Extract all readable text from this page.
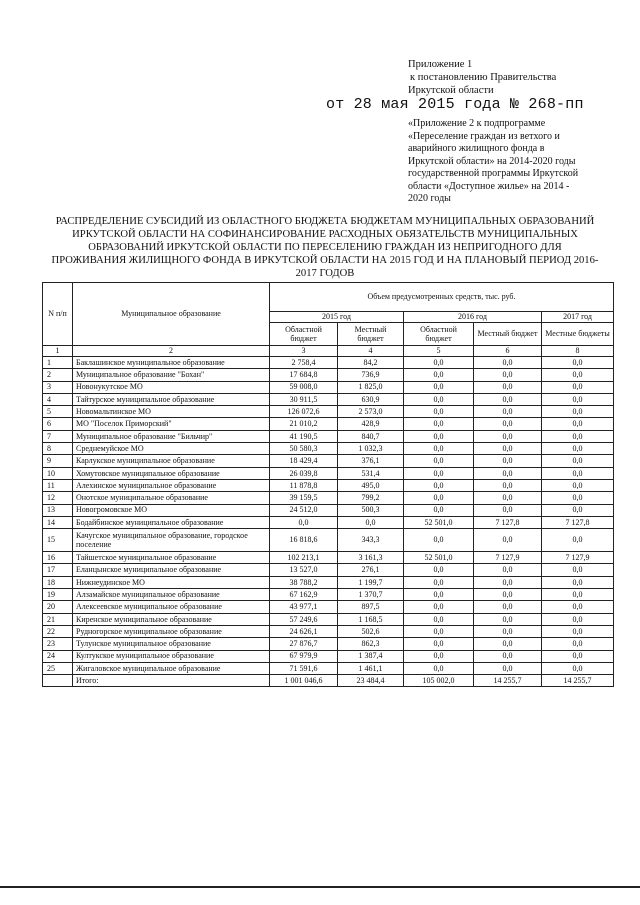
Приложение 1
к постановлению Правительства
Иркутской области
от 28 мая 2015 года № 268-пп
«Приложение 2 к подпрограмме «Переселение граждан из ветхого и аварийного жилищного фонда в Иркутской области» на 2014-2020 годы государственной программы Иркутской области «Доступное жилье» на 2014 - 2020 годы
РАСПРЕДЕЛЕНИЕ СУБСИДИЙ ИЗ ОБЛАСТНОГО БЮДЖЕТА БЮДЖЕТАМ МУНИЦИПАЛЬНЫХ ОБРАЗОВАНИЙ ИРКУТСКОЙ ОБЛАСТИ НА СОФИНАНСИРОВАНИЕ РАСХОДНЫХ ОБЯЗАТЕЛЬСТВ МУНИЦИПАЛЬНЫХ ОБРАЗОВАНИЙ ИРКУТСКОЙ ОБЛАСТИ ПО ПЕРЕСЕЛЕНИЮ ГРАЖДАН ИЗ НЕПРИГОДНОГО ДЛЯ ПРОЖИВАНИЯ ЖИЛИЩНОГО ФОНДА В ИРКУТСКОЙ ОБЛАСТИ НА 2015 ГОД И НА ПЛАНОВЫЙ ПЕРИОД 2016-2017 ГОДОВ
N п/п	Муниципальное образование	Объем предусмотренных средств, тыс. руб.				
		2015 год		2016 год		2017 год
		Областной бюджет	Местный бюджет	Областной бюджет	Местный бюджет	Местные бюджеты
1	2	3	4	5	6	8
1	Баклашинское муниципальное образование	2 758,4	84,2	0,0	0,0	0,0
2	Муниципальное образование "Бохан"	17 684,8	736,9	0,0	0,0	0,0
3	Новонукутское МО	59 008,0	1 825,0	0,0	0,0	0,0
4	Тайтурское муниципальное образование	30 911,5	630,9	0,0	0,0	0,0
5	Новомальтинское МО	126 072,6	2 573,0	0,0	0,0	0,0
6	МО "Поселок Приморский"	21 010,2	428,9	0,0	0,0	0,0
7	Муниципальное образование "Бильчир"	41 190,5	840,7	0,0	0,0	0,0
8	Среднемуйское МО	50 580,3	1 032,3	0,0	0,0	0,0
9	Карлукское муниципальное образование	18 429,4	376,1	0,0	0,0	0,0
10	Хомутовское муниципальное образование	26 039,8	531,4	0,0	0,0	0,0
11	Алехинское муниципальное образование	11 878,8	495,0	0,0	0,0	0,0
12	Онотское муниципальное образование	39 159,5	799,2	0,0	0,0	0,0
13	Новогромовское МО	24 512,0	500,3	0,0	0,0	0,0
14	Бодайбинское муниципальное образование	0,0	0,0	52 501,0	7 127,8	7 127,8
15	Качугское муниципальное образование, городское поселение	16 818,6	343,3	0,0	0,0	0,0
16	Тайшетское муниципальное образование	102 213,1	3 161,3	52 501,0	7 127,9	7 127,9
17	Еланцынское муниципальное образование	13 527,0	276,1	0,0	0,0	0,0
18	Нижнеудинское МО	38 788,2	1 199,7	0,0	0,0	0,0
19	Алзамайское муниципальное образование	67 162,9	1 370,7	0,0	0,0	0,0
20	Алексеевское муниципальное образование	43 977,1	897,5	0,0	0,0	0,0
21	Киренское муниципальное образование	57 249,6	1 168,5	0,0	0,0	0,0
22	Рудногорское муниципальное образование	24 626,1	502,6	0,0	0,0	0,0
23	Тулунское муниципальное образование	27 876,7	862,3	0,0	0,0	0,0
24	Култукское муниципальное образование	67 979,9	1 387,4	0,0	0,0	0,0
25	Жигаловское муниципальное образование	71 591,6	1 461,1	0,0	0,0	0,0
	Итого:	1 001 046,6	23 484,4	105 002,0	14 255,7	14 255,7
